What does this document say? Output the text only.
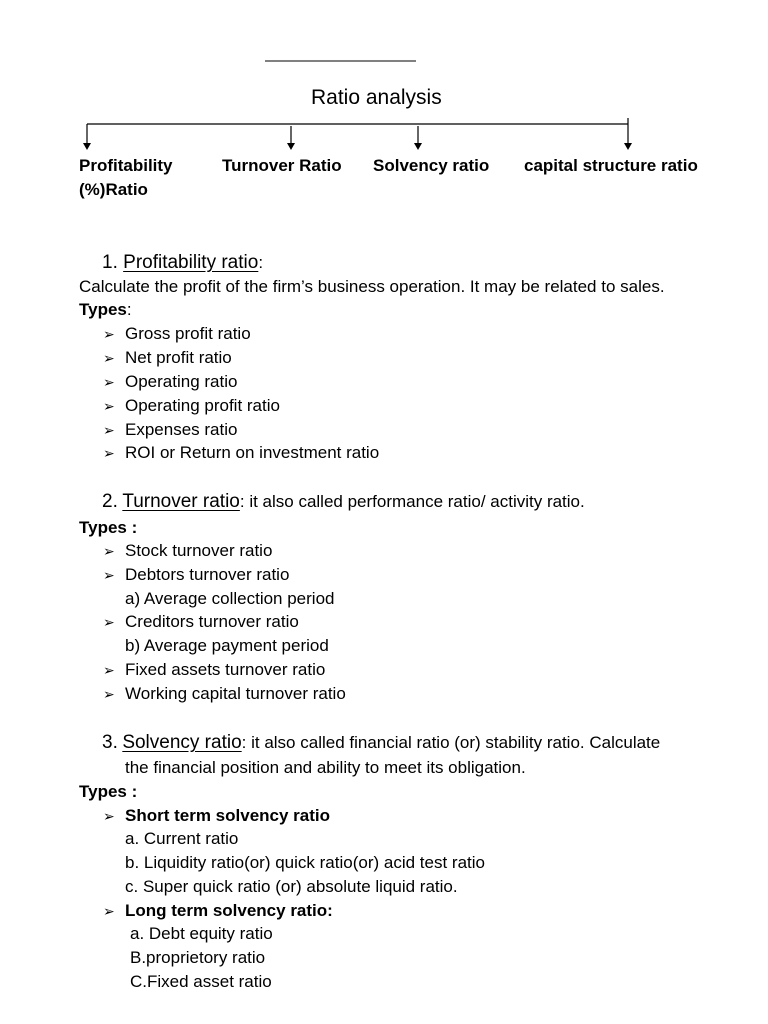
Ratio analysis
Profitability
(%)Ratio
Turnover Ratio Solvency ratio capital structure ratio
1. Profitability ratio:
Calculate the profit of the firm’s business operation. It may be related to sales.
Types:
➢ Gross profit ratio
➢ Net profit ratio
➢ Operating ratio
➢ Operating profit ratio
➢ Expenses ratio
➢ ROI or Return on investment ratio
2. Turnover ratio: it also called performance ratio/ activity ratio.
Types :
➢ Stock turnover ratio
➢ Debtors turnover ratio
a) Average collection period
➢ Creditors turnover ratio
b) Average payment period
➢ Fixed assets turnover ratio
➢ Working capital turnover ratio
3. Solvency ratio: it also called financial ratio (or) stability ratio. Calculate
the financial position and ability to meet its obligation.
Types :
➢ Short term solvency ratio
a. Current ratio
b. Liquidity ratio(or) quick ratio(or) acid test ratio
c. Super quick ratio (or) absolute liquid ratio.
➢ Long term solvency ratio:
a. Debt equity ratio
B.proprietory ratio
C.Fixed asset ratio
